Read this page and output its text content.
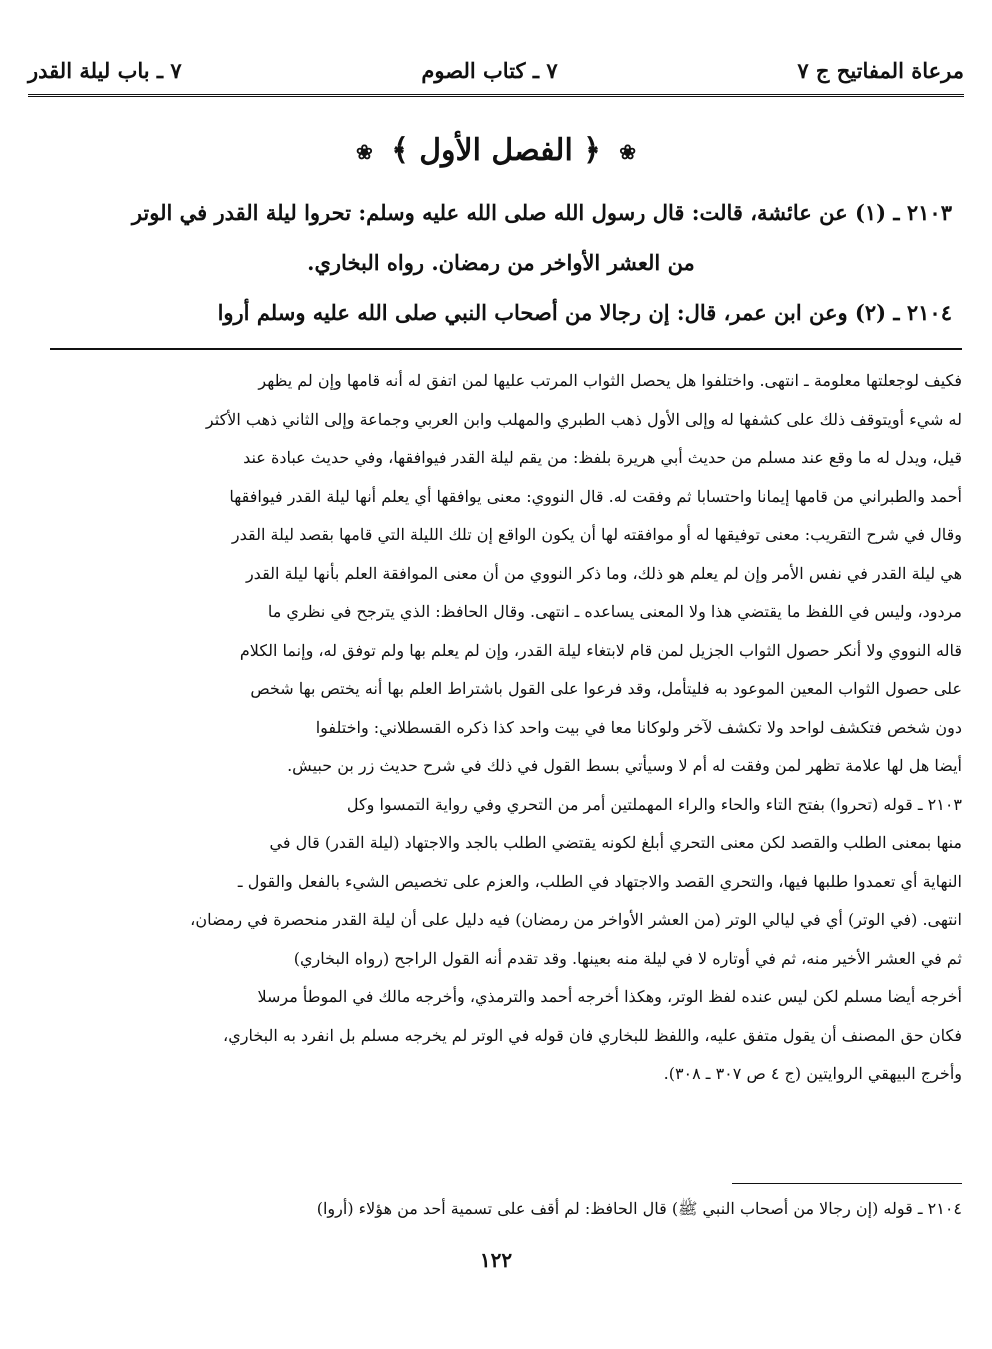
مرعاة المفاتيح ج ٧
٧ ـ كتاب الصوم
٧ ـ باب ليلة القدر
❀ ﴿ الفصل الأول ﴾ ❀
٢١٠٣ ـ (١) عن عائشة، قالت: قال رسول الله صلى الله عليه وسلم: تحروا ليلة القدر في الوتر
من العشر الأواخر من رمضان. رواه البخاري.
٢١٠٤ ـ (٢) وعن ابن عمر، قال: إن رجالا من أصحاب النبي صلى الله عليه وسلم أروا

فكيف لوجعلتها معلومة ـ انتهى. واختلفوا هل يحصل الثواب المرتب عليها لمن اتفق له أنه قامها وإن لم يظهر

له شيء أويتوقف ذلك على كشفها له وإلى الأول ذهب الطبري والمهلب وابن العربي وجماعة وإلى الثاني ذهب الأكثر

قيل، ويدل له ما وقع عند مسلم من حديث أبي هريرة بلفظ: من يقم ليلة القدر فيوافقها، وفي حديث عبادة عند

أحمد والطبراني من قامها إيمانا واحتسابا ثم وفقت له. قال النووي: معنى يوافقها أي يعلم أنها ليلة القدر فيوافقها

وقال في شرح التقريب: معنى توفيقها له أو موافقته لها أن يكون الواقع إن تلك الليلة التي قامها بقصد ليلة القدر

هي ليلة القدر في نفس الأمر وإن لم يعلم هو ذلك، وما ذكر النووي من أن معنى الموافقة العلم بأنها ليلة القدر

مردود، وليس في اللفظ ما يقتضي هذا ولا المعنى يساعده ـ انتهى. وقال الحافظ: الذي يترجح في نظري ما

قاله النووي ولا أنكر حصول الثواب الجزيل لمن قام لابتغاء ليلة القدر، وإن لم يعلم بها ولم توفق له، وإنما الكلام

على حصول الثواب المعين الموعود به فليتأمل، وقد فرعوا على القول باشتراط العلم بها أنه يختص بها شخص

دون شخص فتكشف لواحد ولا تكشف لآخر ولوكانا معا في بيت واحد كذا ذكره القسطلاني: واختلفوا

أيضا هل لها علامة تظهر لمن وفقت له أم لا وسيأتي بسط القول في ذلك في شرح حديث زر بن حبيش.

٢١٠٣ ـ قوله (تحروا) بفتح التاء والحاء والراء المهملتين أمر من التحري وفي رواية التمسوا وكل

منها بمعنى الطلب والقصد لكن معنى التحري أبلغ لكونه يقتضي الطلب بالجد والاجتهاد (ليلة القدر) قال في

النهاية أي تعمدوا طلبها فيها، والتحري القصد والاجتهاد في الطلب، والعزم على تخصيص الشيء بالفعل والقول ـ

انتهى. (في الوتر) أي في ليالي الوتر (من العشر الأواخر من رمضان) فيه دليل على أن ليلة القدر منحصرة في رمضان،

ثم في العشر الأخير منه، ثم في أوتاره لا في ليلة منه بعينها. وقد تقدم أنه القول الراجح (رواه البخاري)

أخرجه أيضا مسلم لكن ليس عنده لفظ الوتر، وهكذا أخرجه أحمد والترمذي، وأخرجه مالك في الموطأ مرسلا

فكان حق المصنف أن يقول متفق عليه، واللفظ للبخاري فان قوله في الوتر لم يخرجه مسلم بل انفرد به البخاري،

وأخرج البيهقي الروايتين (ج ٤ ص ٣٠٧ ـ ٣٠٨).

٢١٠٤ ـ قوله (إن رجالا من أصحاب النبي ﷺ) قال الحافظ: لم أقف على تسمية أحد من هؤلاء (أروا)
١٢٢
